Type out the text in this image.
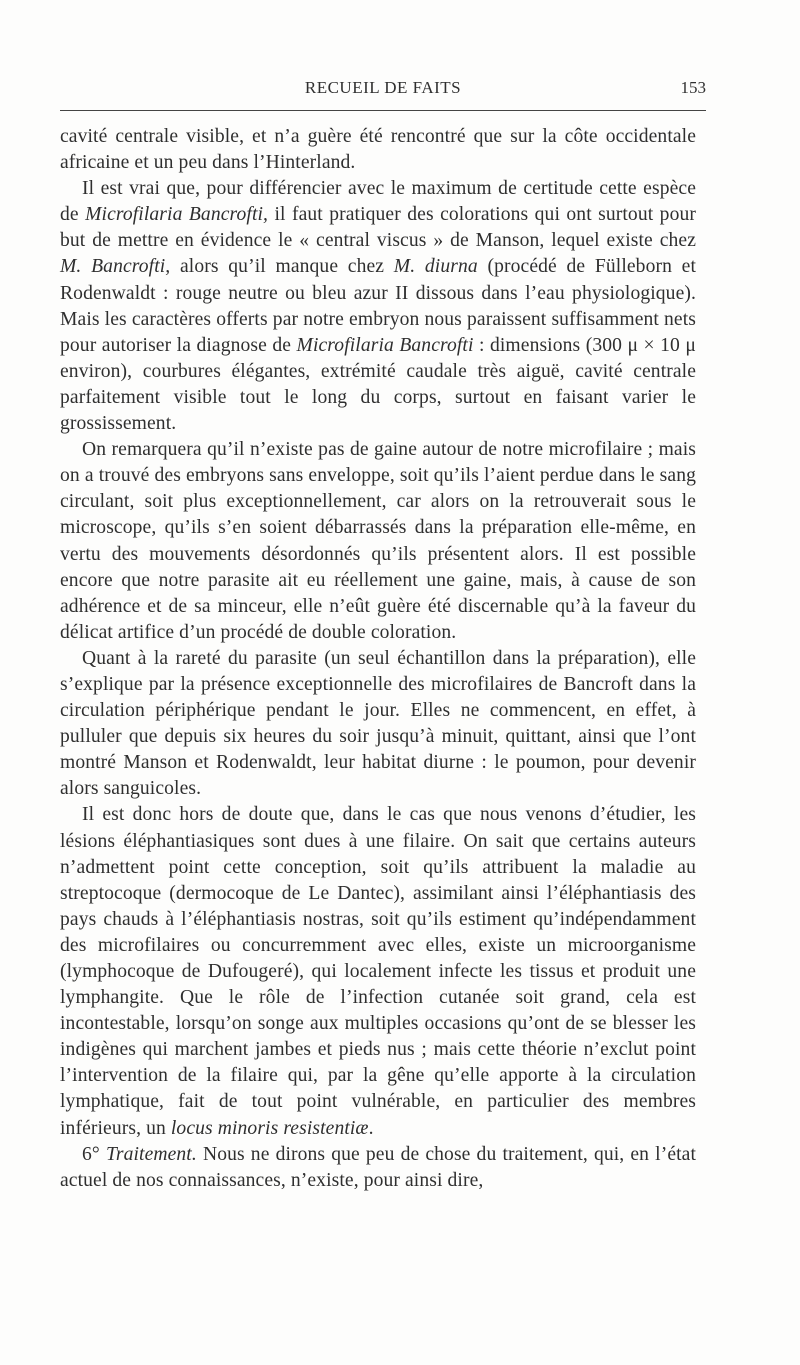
RECUEIL DE FAITS	153

cavité centrale visible, et n’a guère été rencontré que sur la côte occidentale africaine et un peu dans l’Hinterland.

Il est vrai que, pour différencier avec le maximum de certitude cette espèce de Microfilaria Bancrofti, il faut pratiquer des colorations qui ont surtout pour but de mettre en évidence le « central viscus » de Manson, lequel existe chez M. Bancrofti, alors qu’il manque chez M. diurna (procédé de Fülleborn et Rodenwaldt : rouge neutre ou bleu azur II dissous dans l’eau physiologique). Mais les caractères offerts par notre embryon nous paraissent suffisamment nets pour autoriser la diagnose de Microfilaria Bancrofti : dimensions (300 μ × 10 μ environ), courbures élégantes, extrémité caudale très aiguë, cavité centrale parfaitement visible tout le long du corps, surtout en faisant varier le grossissement.

On remarquera qu’il n’existe pas de gaine autour de notre microfilaire ; mais on a trouvé des embryons sans enveloppe, soit qu’ils l’aient perdue dans le sang circulant, soit plus exceptionnellement, car alors on la retrouverait sous le microscope, qu’ils s’en soient débarrassés dans la préparation elle-même, en vertu des mouvements désordonnés qu’ils présentent alors. Il est possible encore que notre parasite ait eu réellement une gaine, mais, à cause de son adhérence et de sa minceur, elle n’eût guère été discernable qu’à la faveur du délicat artifice d’un procédé de double coloration.

Quant à la rareté du parasite (un seul échantillon dans la préparation), elle s’explique par la présence exceptionnelle des microfilaires de Bancroft dans la circulation périphérique pendant le jour. Elles ne commencent, en effet, à pulluler que depuis six heures du soir jusqu’à minuit, quittant, ainsi que l’ont montré Manson et Rodenwaldt, leur habitat diurne : le poumon, pour devenir alors sanguicoles.

Il est donc hors de doute que, dans le cas que nous venons d’étudier, les lésions éléphantiasiques sont dues à une filaire. On sait que certains auteurs n’admettent point cette conception, soit qu’ils attribuent la maladie au streptocoque (dermocoque de Le Dantec), assimilant ainsi l’éléphantiasis des pays chauds à l’éléphantiasis nostras, soit qu’ils estiment qu’indépendamment des microfilaires ou concurremment avec elles, existe un microorganisme (lymphocoque de Dufougeré), qui localement infecte les tissus et produit une lymphangite. Que le rôle de l’infection cutanée soit grand, cela est incontestable, lorsqu’on songe aux multiples occasions qu’ont de se blesser les indigènes qui marchent jambes et pieds nus ; mais cette théorie n’exclut point l’intervention de la filaire qui, par la gêne qu’elle apporte à la circulation lymphatique, fait de tout point vulnérable, en particulier des membres inférieurs, un locus minoris resistentiæ.

6° Traitement. Nous ne dirons que peu de chose du traitement, qui, en l’état actuel de nos connaissances, n’existe, pour ainsi dire,
